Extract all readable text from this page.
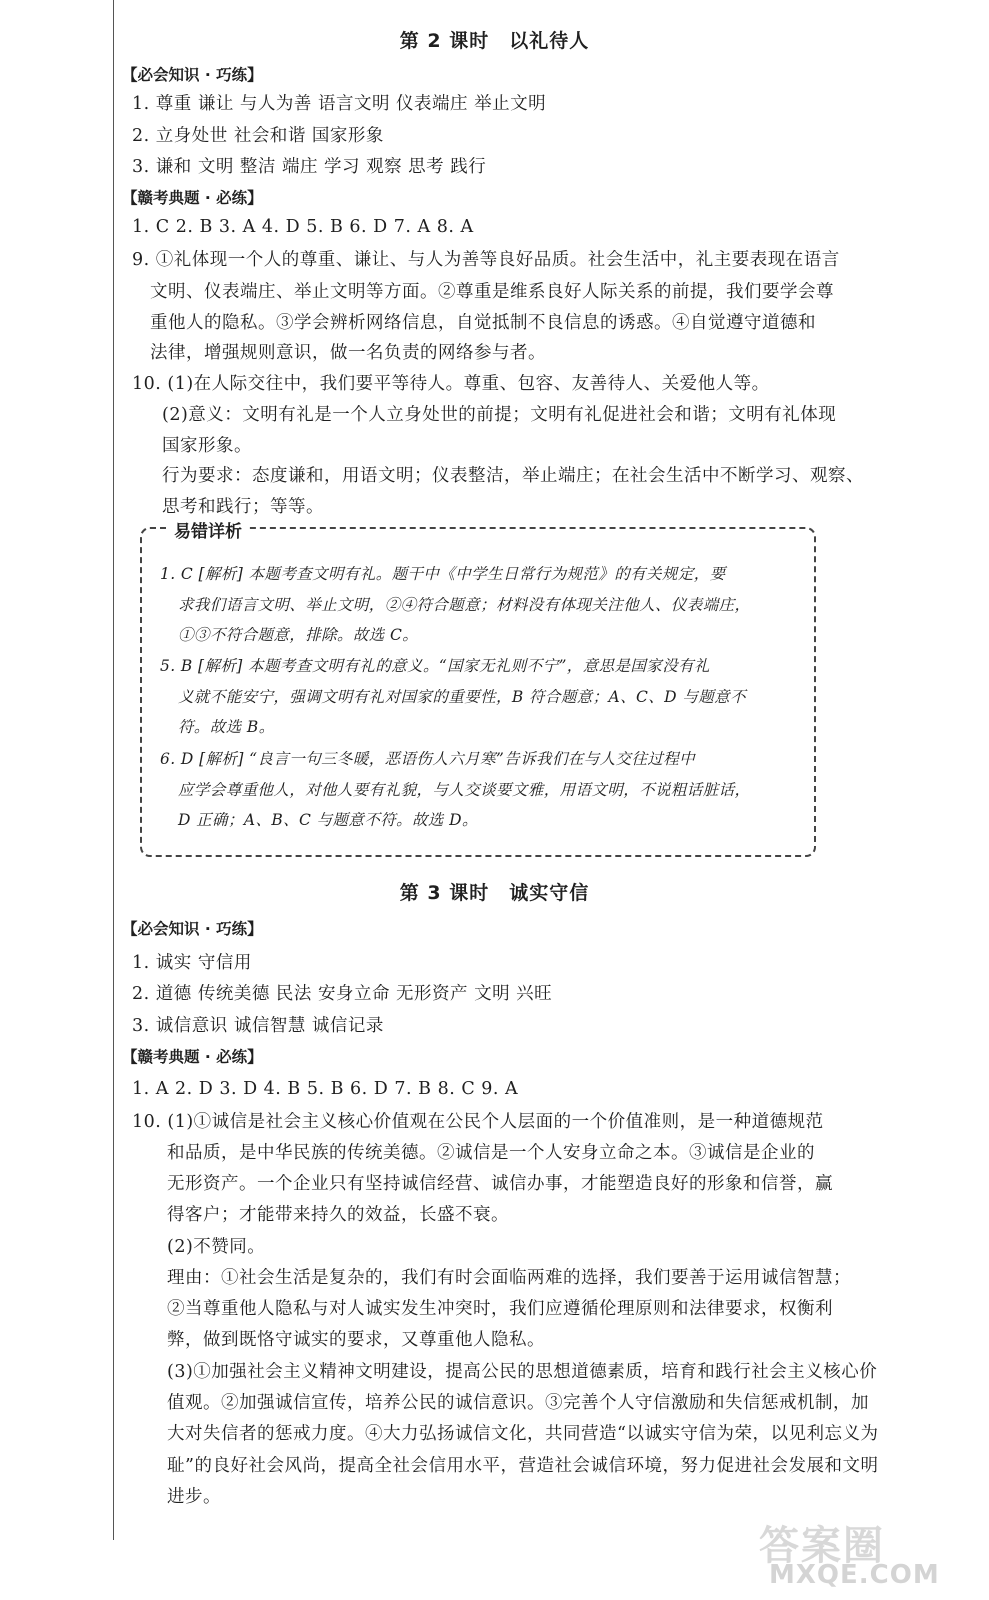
第 2 课时　以礼待人
【必会知识 · 巧练】
1. 尊重 谦让 与人为善 语言文明 仪表端庄 举止文明
2. 立身处世 社会和谐 国家形象
3. 谦和 文明 整洁 端庄 学习 观察 思考 践行
【赣考典题 · 必练】
1. C 2. B 3. A 4. D 5. B 6. D 7. A 8. A
9. ①礼体现一个人的尊重、谦让、与人为善等良好品质。社会生活中，礼主要表现在语言
文明、仪表端庄、举止文明等方面。②尊重是维系良好人际关系的前提，我们要学会尊
重他人的隐私。③学会辨析网络信息，自觉抵制不良信息的诱惑。④自觉遵守道德和
法律，增强规则意识，做一名负责的网络参与者。
10. (1)在人际交往中，我们要平等待人。尊重、包容、友善待人、关爱他人等。
(2)意义：文明有礼是一个人立身处世的前提；文明有礼促进社会和谐；文明有礼体现
国家形象。
行为要求：态度谦和，用语文明；仪表整洁，举止端庄；在社会生活中不断学习、观察、
思考和践行；等等。
易错详析
1. C [解析] 本题考查文明有礼。题干中《中学生日常行为规范》的有关规定，要
求我们语言文明、举止文明，②④符合题意；材料没有体现关注他人、仪表端庄，
①③不符合题意，排除。故选 C。
5. B [解析] 本题考查文明有礼的意义。“国家无礼则不宁”，意思是国家没有礼
义就不能安宁，强调文明有礼对国家的重要性，B 符合题意；A、C、D 与题意不
符。故选 B。
6. D [解析] “良言一句三冬暖，恶语伤人六月寒”告诉我们在与人交往过程中
应学会尊重他人，对他人要有礼貌，与人交谈要文雅，用语文明，不说粗话脏话，
D 正确；A、B、C 与题意不符。故选 D。
第 3 课时　诚实守信
【必会知识 · 巧练】
1. 诚实 守信用
2. 道德 传统美德 民法 安身立命 无形资产 文明 兴旺
3. 诚信意识 诚信智慧 诚信记录
【赣考典题 · 必练】
1. A 2. D 3. D 4. B 5. B 6. D 7. B 8. C 9. A
10. (1)①诚信是社会主义核心价值观在公民个人层面的一个价值准则，是一种道德规范
和品质，是中华民族的传统美德。②诚信是一个人安身立命之本。③诚信是企业的
无形资产。一个企业只有坚持诚信经营、诚信办事，才能塑造良好的形象和信誉，赢
得客户；才能带来持久的效益，长盛不衰。
(2)不赞同。
理由：①社会生活是复杂的，我们有时会面临两难的选择，我们要善于运用诚信智慧；
②当尊重他人隐私与对人诚实发生冲突时，我们应遵循伦理原则和法律要求，权衡利
弊，做到既恪守诚实的要求，又尊重他人隐私。
(3)①加强社会主义精神文明建设，提高公民的思想道德素质，培育和践行社会主义核心价
值观。②加强诚信宣传，培养公民的诚信意识。③完善个人守信激励和失信惩戒机制，加
大对失信者的惩戒力度。④大力弘扬诚信文化，共同营造“以诚实守信为荣，以见利忘义为
耻”的良好社会风尚，提高全社会信用水平，营造社会诚信环境，努力促进社会发展和文明
进步。
答案圈
MXQE.COM
